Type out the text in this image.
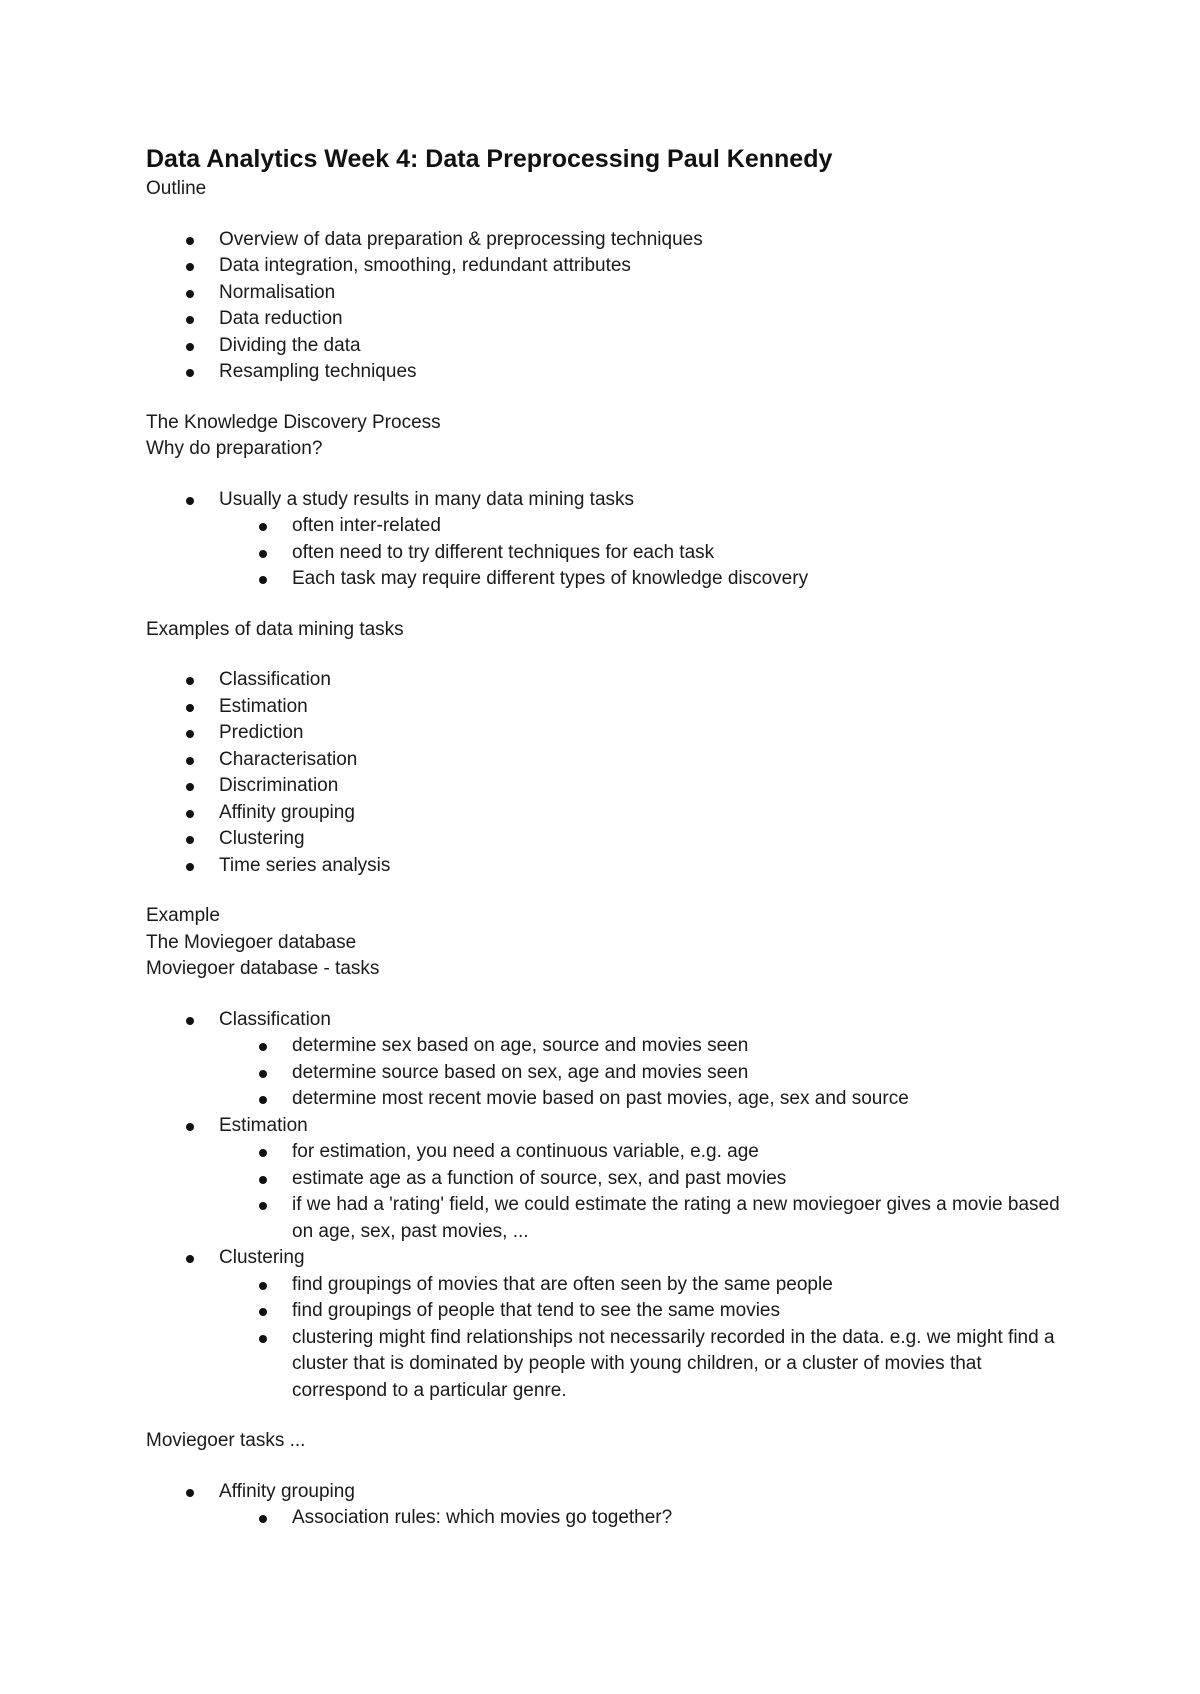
Data Analytics Week 4: Data Preprocessing Paul Kennedy

Outline

Overview of data preparation & preprocessing techniques
Data integration, smoothing, redundant attributes
Normalisation
Data reduction
Dividing the data
Resampling techniques

The Knowledge Discovery Process

Why do preparation?

Usually a study results in many data mining tasks
often inter-related
often need to try different techniques for each task
Each task may require different types of knowledge discovery

Examples of data mining tasks

Classification
Estimation
Prediction
Characterisation
Discrimination
Affinity grouping
Clustering
Time series analysis

Example

The Moviegoer database

Moviegoer database - tasks

Classification
determine sex based on age, source and movies seen
determine source based on sex, age and movies seen
determine most recent movie based on past movies, age, sex and source
Estimation
for estimation, you need a continuous variable, e.g. age
estimate age as a function of source, sex, and past movies
if we had a 'rating' field, we could estimate the rating a new moviegoer gives a movie based on age, sex, past movies, ...
Clustering
find groupings of movies that are often seen by the same people
find groupings of people that tend to see the same movies
clustering might find relationships not necessarily recorded in the data. e.g. we might find a cluster that is dominated by people with young children, or a cluster of movies that correspond to a particular genre.

Moviegoer tasks ...

Affinity grouping
Association rules: which movies go together?
